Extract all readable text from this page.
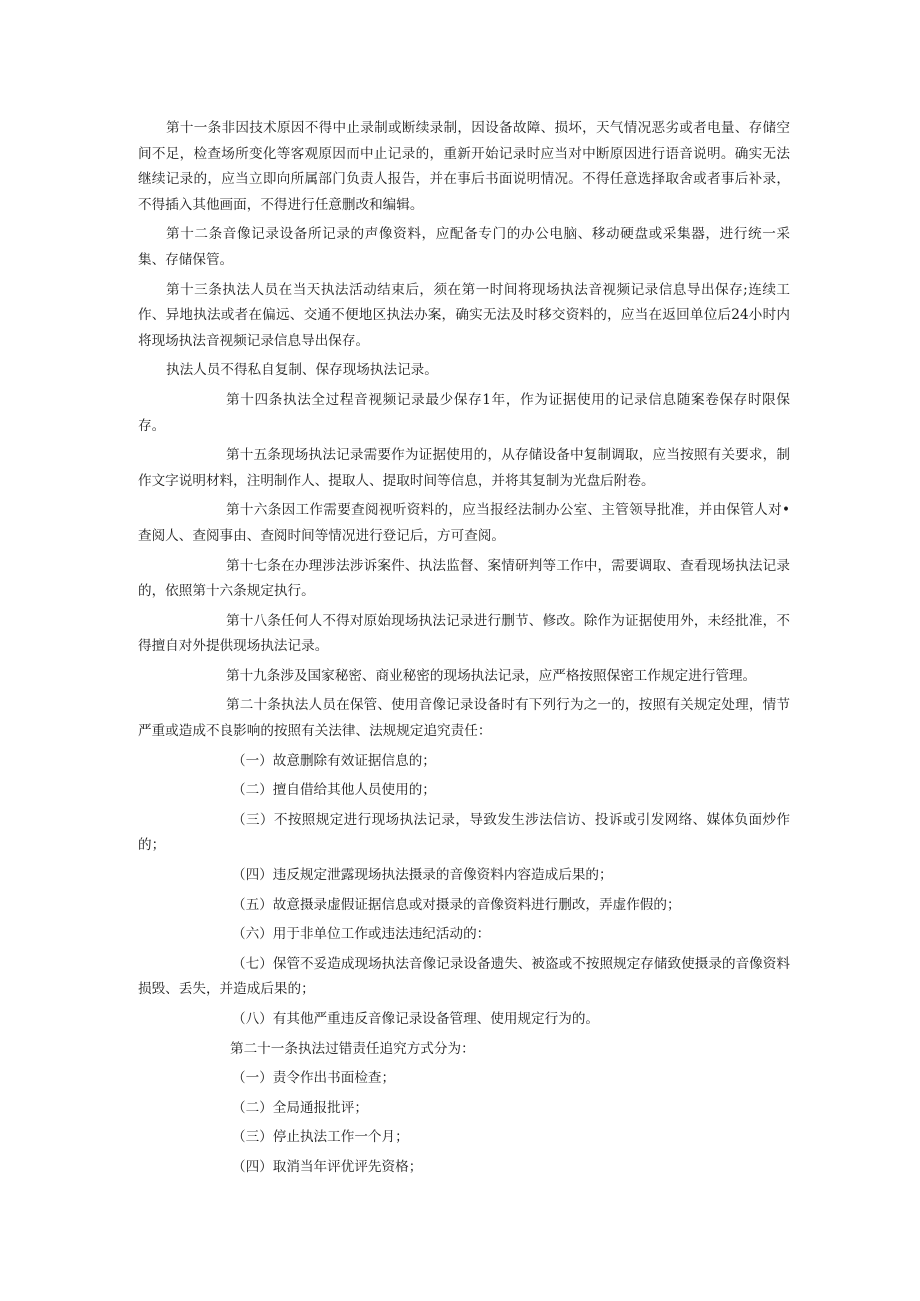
第十一条非因技术原因不得中止录制或断续录制，因设备故障、损坏，天气情况恶劣或者电量、存储空间不足，检查场所变化等客观原因而中止记录的，重新开始记录时应当对中断原因进行语音说明。确实无法继续记录的，应当立即向所属部门负责人报告，并在事后书面说明情况。不得任意选择取舍或者事后补录，不得插入其他画面，不得进行任意删改和编辑。

第十二条音像记录设备所记录的声像资料，应配备专门的办公电脑、移动硬盘或采集器，进行统一采集、存储保管。

第十三条执法人员在当天执法活动结束后，须在第一时间将现场执法音视频记录信息导出保存;连续工作、异地执法或者在偏远、交通不便地区执法办案，确实无法及时移交资料的，应当在返回单位后24小时内将现场执法音视频记录信息导出保存。

执法人员不得私自复制、保存现场执法记录。

第十四条执法全过程音视频记录最少保存1年，作为证据使用的记录信息随案卷保存时限保存。

第十五条现场执法记录需要作为证据使用的，从存储设备中复制调取，应当按照有关要求，制作文字说明材料，注明制作人、提取人、提取时间等信息，并将其复制为光盘后附卷。

第十六条因工作需要查阅视听资料的，应当报经法制办公室、主管领导批准，并由保管人对•查阅人、查阅事由、查阅时间等情况进行登记后，方可查阅。

第十七条在办理涉法涉诉案件、执法监督、案情研判等工作中，需要调取、查看现场执法记录的，依照第十六条规定执行。

第十八条任何人不得对原始现场执法记录进行删节、修改。除作为证据使用外，未经批准，不得擅自对外提供现场执法记录。

第十九条涉及国家秘密、商业秘密的现场执法记录，应严格按照保密工作规定进行管理。

第二十条执法人员在保管、使用音像记录设备时有下列行为之一的，按照有关规定处理，情节严重或造成不良影响的按照有关法律、法规规定追究责任：

（一）故意删除有效证据信息的；

（二）擅自借给其他人员使用的；

（三）不按照规定进行现场执法记录，导致发生涉法信访、投诉或引发网络、媒体负面炒作的；

（四）违反规定泄露现场执法摄录的音像资料内容造成后果的；

（五）故意摄录虚假证据信息或对摄录的音像资料进行删改，弄虚作假的；

（六）用于非单位工作或违法违纪活动的：

（七）保管不妥造成现场执法音像记录设备遗失、被盗或不按照规定存储致使摄录的音像资料损毁、丢失，并造成后果的；

（八）有其他严重违反音像记录设备管理、使用规定行为的。

第二十一条执法过错责任追究方式分为：

（一）责令作出书面检查；

（二）全局通报批评；

（三）停止执法工作一个月；

（四）取消当年评优评先资格；
